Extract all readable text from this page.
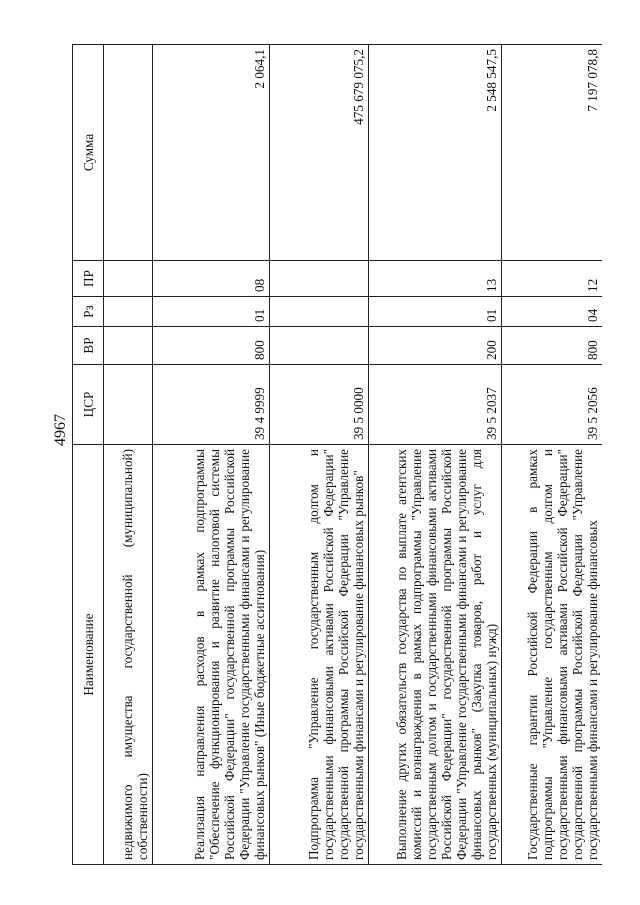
4967
Наименование	ЦСР	ВР	Рз	ПР	Сумма
недвижимого имущества государственной (муниципальной) собственности)					
Реализация направления расходов в рамках подпрограммы "Обеспечение функционирования и развитие налоговой системы Российской Федерации" государственной программы Российской Федерации "Управление государственными финансами и регулирование финансовых рынков" (Иные бюджетные ассигнования)	39 4 9999	800	01	08	2 064,1
Подпрограмма "Управление государственным долгом и государственными финансовыми активами Российской Федерации" государственной программы Российской Федерации "Управление государственными финансами и регулирование финансовых рынков"	39 5 0000				475 679 075,2
Выполнение других обязательств государства по выплате агентских комиссий и вознаграждения в рамках подпрограммы "Управление государственным долгом и государственными финансовыми активами Российской Федерации" государственной программы Российской Федерации "Управление государственными финансами и регулирование финансовых рынков" (Закупка товаров, работ и услуг для государственных (муниципальных) нужд)	39 5 2037	200	01	13	2 548 547,5
Государственные гарантии Российской Федерации в рамках подпрограммы "Управление государственным долгом и государственными финансовыми активами Российской Федерации" государственной программы Российской Федерации "Управление государственными финансами и регулирование финансовых	39 5 2056	800	04	12	7 197 078,8
